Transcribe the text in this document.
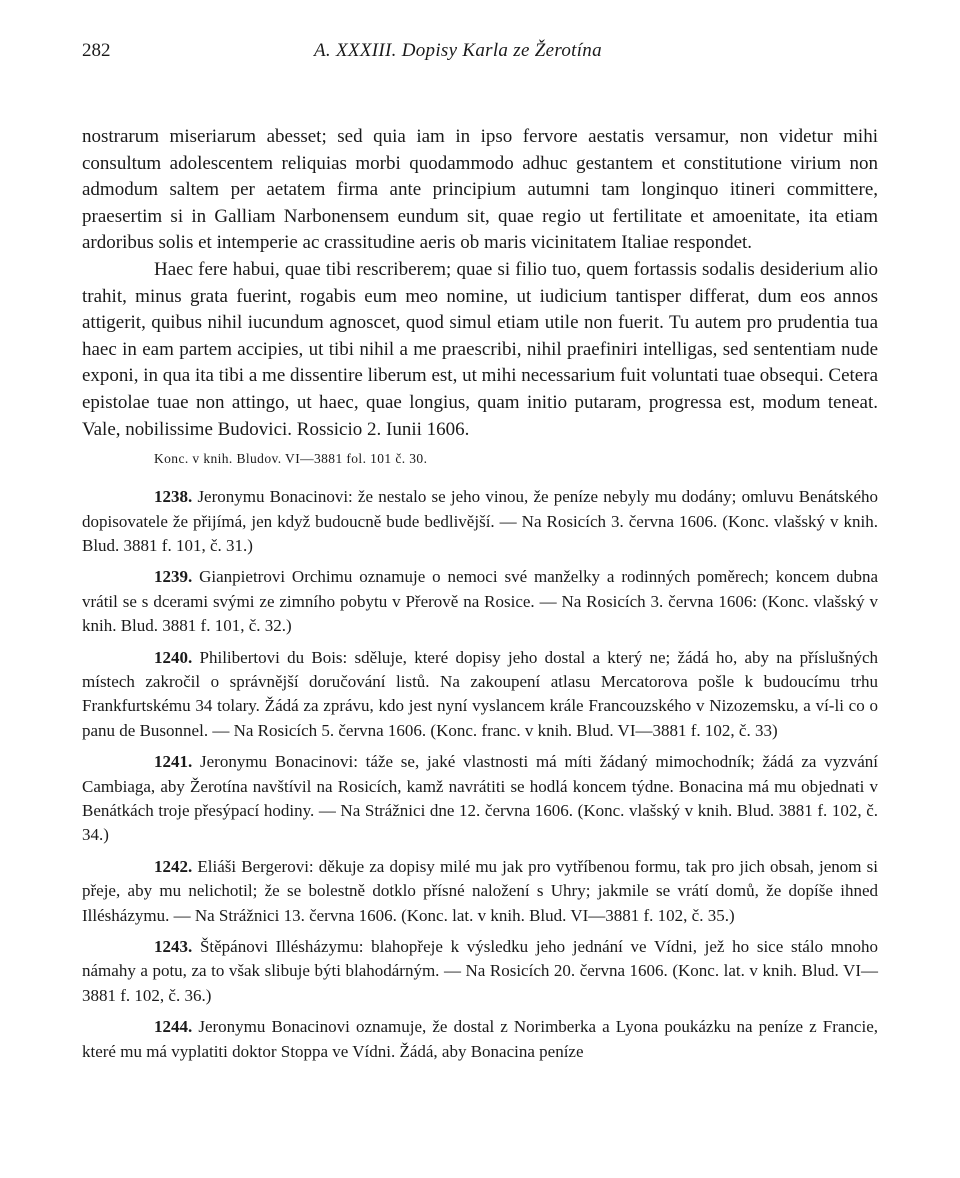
282	A. XXXIII. Dopisy Karla ze Žerotína

nostrarum miseriarum abesset; sed quia iam in ipso fervore aestatis versamur, non videtur mihi consultum adolescentem reliquias morbi quodammodo adhuc gestantem et constitutione virium non admodum saltem per aetatem firma ante principium autumni tam longinquo itineri committere, praesertim si in Galliam Narbonensem eundum sit, quae regio ut fertilitate et amoenitate, ita etiam ardoribus solis et intemperie ac crassitudine aeris ob maris vicinitatem Italiae respondet.

Haec fere habui, quae tibi rescriberem; quae si filio tuo, quem fortassis sodalis desiderium alio trahit, minus grata fuerint, rogabis eum meo nomine, ut iudicium tantisper differat, dum eos annos attigerit, quibus nihil iucundum agnoscet, quod simul etiam utile non fuerit. Tu autem pro prudentia tua haec in eam partem accipies, ut tibi nihil a me praescribi, nihil praefiniri intelligas, sed sententiam nude exponi, in qua ita tibi a me dissentire liberum est, ut mihi necessarium fuit voluntati tuae obsequi. Cetera epistolae tuae non attingo, ut haec, quae longius, quam initio putaram, progressa est, modum teneat. Vale, nobilissime Budovici. Rossicio 2. Iunii 1606.

Konc. v knih. Bludov. VI—3881 fol. 101 č. 30.

1238. Jeronymu Bonacinovi: že nestalo se jeho vinou, že peníze nebyly mu dodány; omluvu Benátského dopisovatele že přijímá, jen když budoucně bude bedlivější. — Na Rosicích 3. června 1606. (Konc. vlašský v knih. Blud. 3881 f. 101, č. 31.)

1239. Gianpietrovi Orchimu oznamuje o nemoci své manželky a rodinných poměrech; koncem dubna vrátil se s dcerami svými ze zimního pobytu v Přerově na Rosice. — Na Rosicích 3. června 1606: (Konc. vlašský v knih. Blud. 3881 f. 101, č. 32.)

1240. Philibertovi du Bois: sděluje, které dopisy jeho dostal a který ne; žádá ho, aby na příslušných místech zakročil o správnější doručování listů. Na zakoupení atlasu Mercatorova pošle k budoucímu trhu Frankfurtskému 34 tolary. Žádá za zprávu, kdo jest nyní vyslancem krále Francouzského v Nizozemsku, a ví-li co o panu de Busonnel. — Na Rosicích 5. června 1606. (Konc. franc. v knih. Blud. VI—3881 f. 102, č. 33)

1241. Jeronymu Bonacinovi: táže se, jaké vlastnosti má míti žádaný mimochodník; žádá za vyzvání Cambiaga, aby Žerotína navštívil na Rosicích, kamž navrátiti se hodlá koncem týdne. Bonacina má mu objednati v Benátkách troje přesýpací hodiny. — Na Strážnici dne 12. června 1606. (Konc. vlašský v knih. Blud. 3881 f. 102, č. 34.)

1242. Eliáši Bergerovi: děkuje za dopisy milé mu jak pro vytříbenou formu, tak pro jich obsah, jenom si přeje, aby mu nelichotil; že se bolestně dotklo přísné naložení s Uhry; jakmile se vrátí domů, že dopíše ihned Illésházymu. — Na Strážnici 13. června 1606. (Konc. lat. v knih. Blud. VI—3881 f. 102, č. 35.)

1243. Štěpánovi Illésházymu: blahopřeje k výsledku jeho jednání ve Vídni, jež ho sice stálo mnoho námahy a potu, za to však slibuje býti blahodárným. — Na Rosicích 20. června 1606. (Konc. lat. v knih. Blud. VI—3881 f. 102, č. 36.)

1244. Jeronymu Bonacinovi oznamuje, že dostal z Norimberka a Lyona poukázku na peníze z Francie, které mu má vyplatiti doktor Stoppa ve Vídni. Žádá, aby Bonacina peníze
